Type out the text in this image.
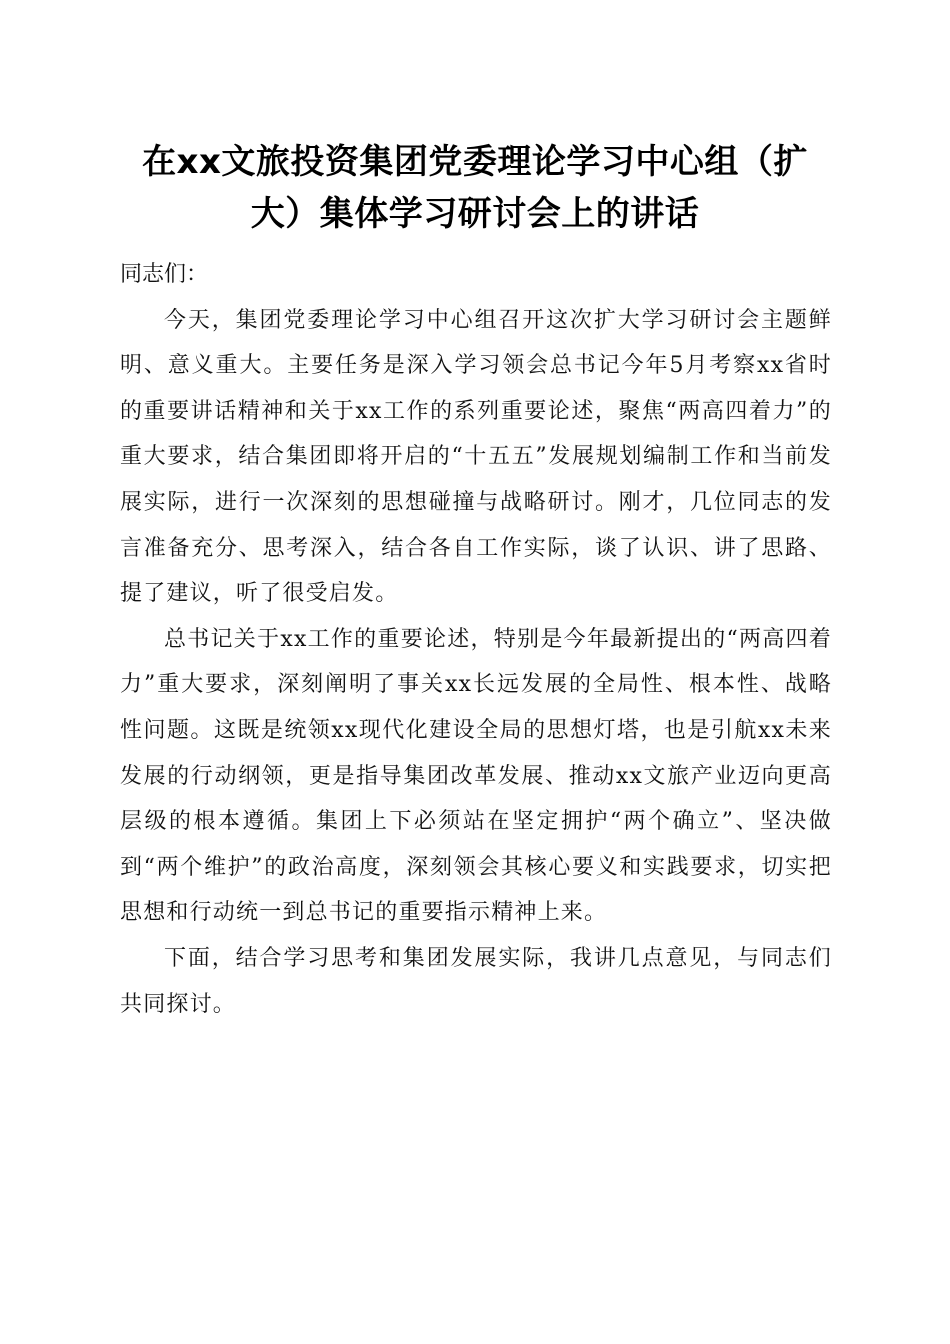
在xx文旅投资集团党委理论学习中心组（扩
大）集体学习研讨会上的讲话

同志们：

今天，集团党委理论学习中心组召开这次扩大学习研讨会主题鲜明、意义重大。主要任务是深入学习领会总书记今年5月考察xx省时的重要讲话精神和关于xx工作的系列重要论述，聚焦“两高四着力”的重大要求，结合集团即将开启的“十五五”发展规划编制工作和当前发展实际，进行一次深刻的思想碰撞与战略研讨。刚才，几位同志的发言准备充分、思考深入，结合各自工作实际，谈了认识、讲了思路、提了建议，听了很受启发。

总书记关于xx工作的重要论述，特别是今年最新提出的“两高四着力”重大要求，深刻阐明了事关xx长远发展的全局性、根本性、战略性问题。这既是统领xx现代化建设全局的思想灯塔，也是引航xx未来发展的行动纲领，更是指导集团改革发展、推动xx文旅产业迈向更高层级的根本遵循。集团上下必须站在坚定拥护“两个确立”、坚决做到“两个维护”的政治高度，深刻领会其核心要义和实践要求，切实把思想和行动统一到总书记的重要指示精神上来。

下面，结合学习思考和集团发展实际，我讲几点意见，与同志们共同探讨。
